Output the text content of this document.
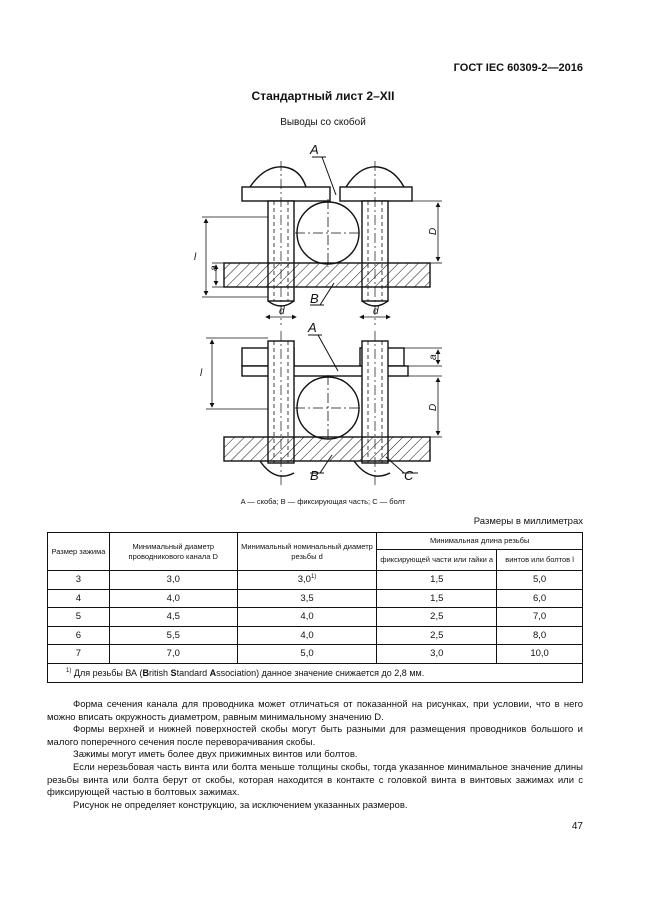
ГОСТ IEC 60309-2—2016
Стандартный лист 2–XII
Выводы со скобой
A
B
l
a
D
d	d
A
B	C
l
a
D
A — скоба; B — фиксирующая часть; C — болт
Размеры в миллиметрах
Размер зажима	Минимальный диаметр проводникового канала D	Минимальный номинальный диаметр резьбы d	Минимальная длина резьбы	
			фиксирующей части или гайки a	винтов или болтов l
3	3,0	3,0$^{1)}$	1,5	5,0
4	4,0	3,5	1,5	6,0
5	4,5	4,0	2,5	7,0
6	5,5	4,0	2,5	8,0
7	7,0	5,0	3,0	10,0
$^{1)}$ Для резьбы ВА (British Standard Association) данное значение снижается до 2,8 мм.				

Форма сечения канала для проводника может отличаться от показанной на рисунках, при условии, что в него можно вписать окружность диаметром, равным минимальному значению D.

Формы верхней и нижней поверхностей скобы могут быть разными для размещения проводников большого и малого поперечного сечения после переворачивания скобы.

Зажимы могут иметь более двух прижимных винтов или болтов.

Если нерезьбовая часть винта или болта меньше толщины скобы, тогда указанное минимальное значение длины резьбы винта или болта берут от скобы, которая находится в контакте с головкой винта в винтовых зажимах или с фиксирующей частью в болтовых зажимах.

Рисунок не определяет конструкцию, за исключением указанных размеров.

47
